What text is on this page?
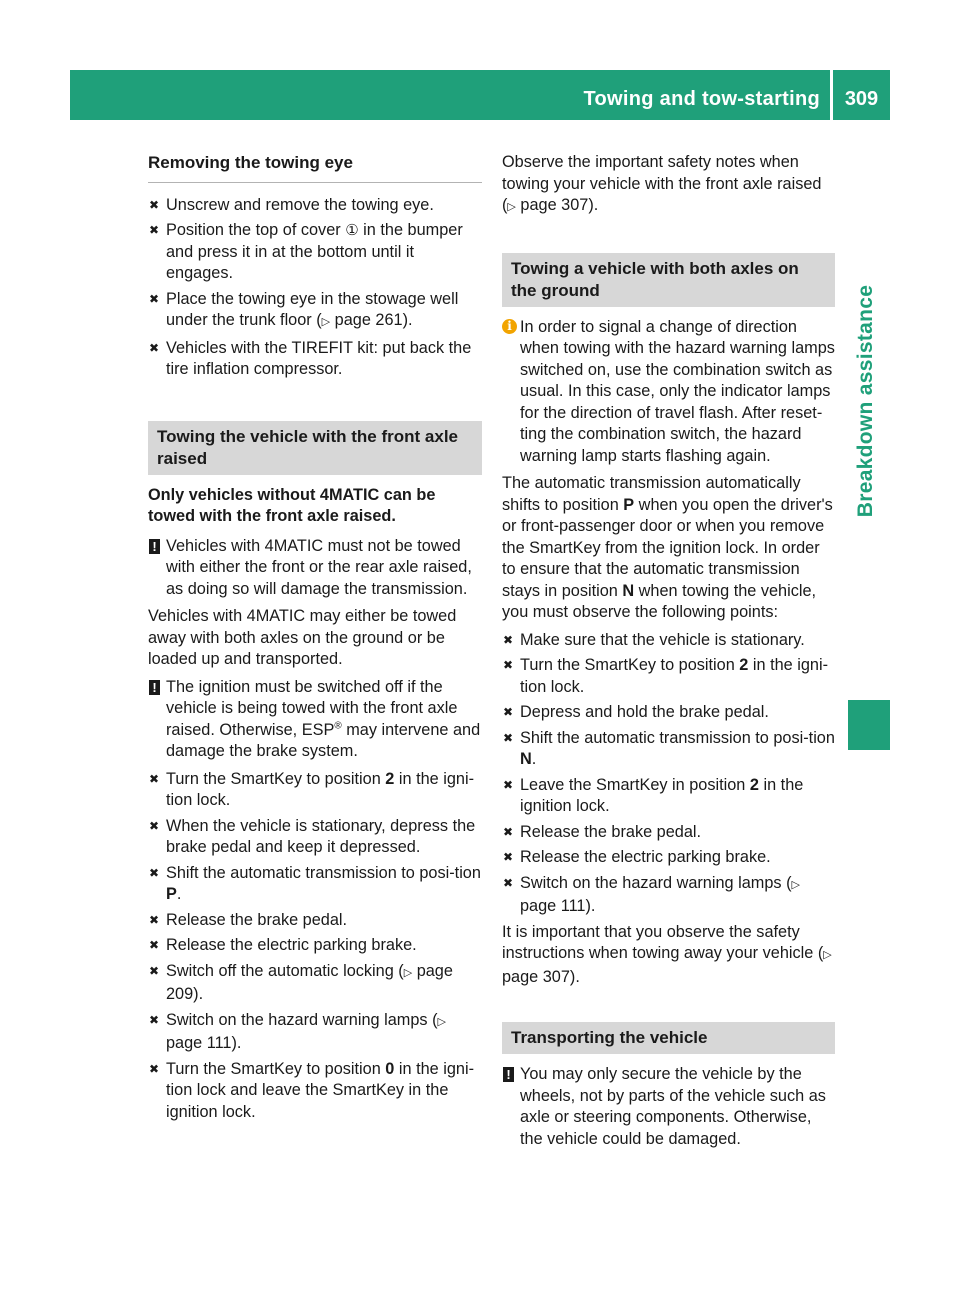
Towing and tow-starting	309
Breakdown assistance
Removing the towing eye
✖ Unscrew and remove the towing eye.
✖ Position the top of cover ① in the bumper and press it in at the bottom until it engages.
✖ Place the towing eye in the stowage well under the trunk floor (▷ page 261).
✖ Vehicles with the TIREFIT kit: put back the tire inflation compressor.
Towing the vehicle with the front axle raised

Only vehicles without 4MATIC can be towed with the front axle raised.

! Vehicles with 4MATIC must not be towed with either the front or the rear axle raised, as doing so will damage the transmission.

Vehicles with 4MATIC may either be towed away with both axles on the ground or be loaded up and transported.

! The ignition must be switched off if the vehicle is being towed with the front axle raised. Otherwise, ESP® may intervene and damage the brake system.
✖ Turn the SmartKey to position 2 in the igni-tion lock.
✖ When the vehicle is stationary, depress the brake pedal and keep it depressed.
✖ Shift the automatic transmission to posi-tion P.
✖ Release the brake pedal.
✖ Release the electric parking brake.
✖ Switch off the automatic locking (▷ page 209).
✖ Switch on the hazard warning lamps (▷ page 111).
✖ Turn the SmartKey to position 0 in the igni-tion lock and leave the SmartKey in the ignition lock.

Observe the important safety notes when towing your vehicle with the front axle raised (▷ page 307).

Towing a vehicle with both axles on the ground
i In order to signal a change of direction when towing with the hazard warning lamps switched on, use the combination switch as usual. In this case, only the indicator lamps for the direction of travel flash. After reset-ting the combination switch, the hazard warning lamp starts flashing again.

The automatic transmission automatically shifts to position P when you open the driver's or front-passenger door or when you remove the SmartKey from the ignition lock. In order to ensure that the automatic transmission stays in position N when towing the vehicle, you must observe the following points:

✖ Make sure that the vehicle is stationary.
✖ Turn the SmartKey to position 2 in the igni-tion lock.
✖ Depress and hold the brake pedal.
✖ Shift the automatic transmission to posi-tion N.
✖ Leave the SmartKey in position 2 in the ignition lock.
✖ Release the brake pedal.
✖ Release the electric parking brake.
✖ Switch on the hazard warning lamps (▷ page 111).

It is important that you observe the safety instructions when towing away your vehicle (▷ page 307).

Transporting the vehicle
! You may only secure the vehicle by the wheels, not by parts of the vehicle such as axle or steering components. Otherwise, the vehicle could be damaged.
